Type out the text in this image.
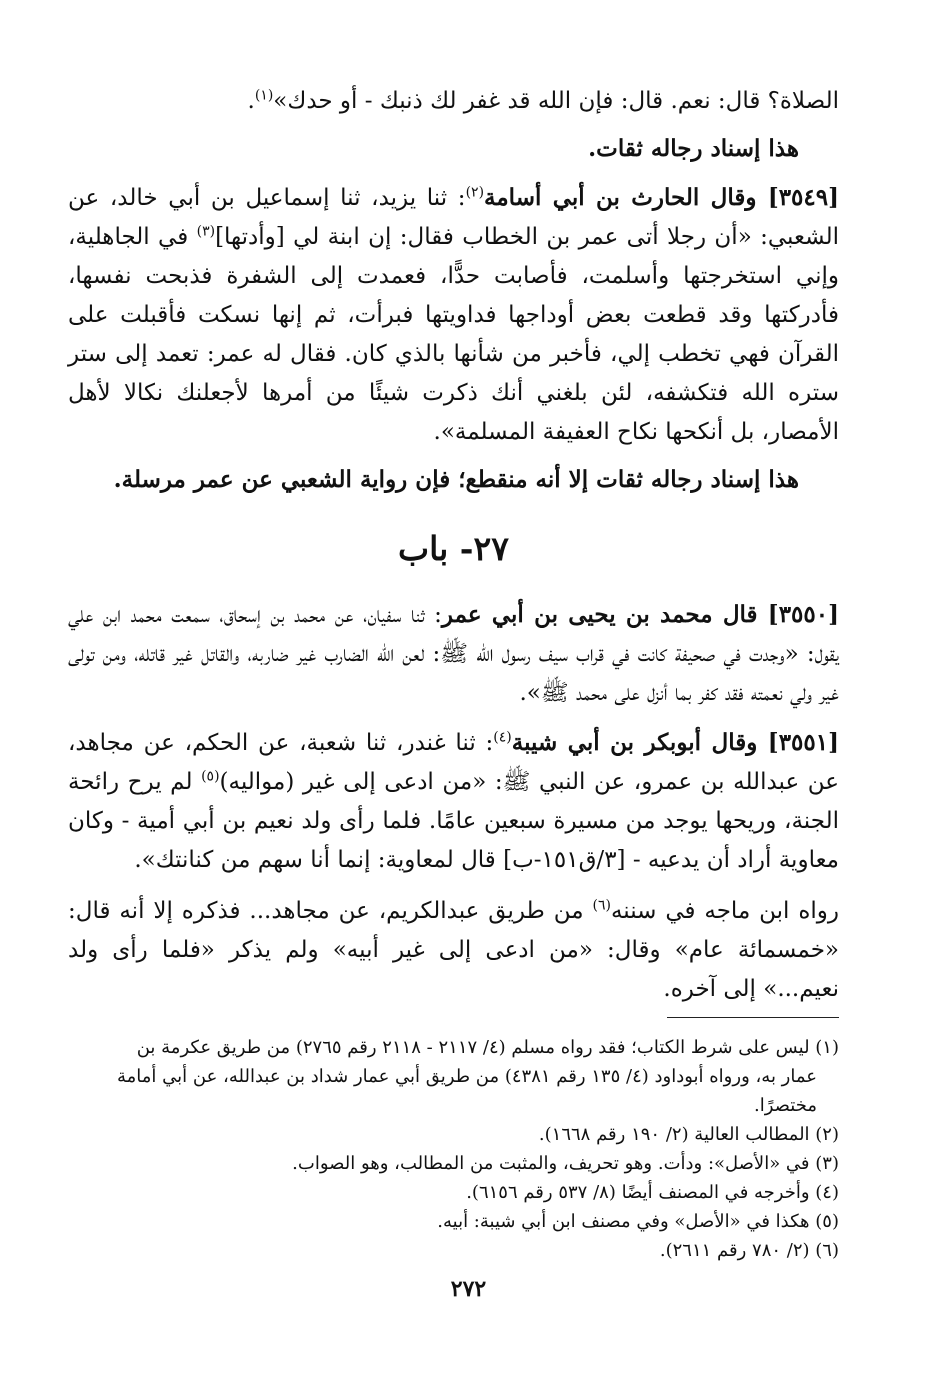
الصلاة؟ قال: نعم. قال: فإن الله قد غفر لك ذنبك - أو حدك»$^{(١)}$.

هذا إسناد رجاله ثقات.

[٣٥٤٩] وقال الحارث بن أبي أسامة$^{(٢)}$: ثنا يزيد، ثنا إسماعيل بن أبي خالد، عن الشعبي: «أن رجلا أتى عمر بن الخطاب فقال: إن ابنة لي [وأدتها]$^{(٣)}$ في الجاهلية، وإني استخرجتها وأسلمت، فأصابت حدًّا، فعمدت إلى الشفرة فذبحت نفسها، فأدركتها وقد قطعت بعض أوداجها فداويتها فبرأت، ثم إنها نسكت فأقبلت على القرآن فهي تخطب إلي، فأخبر من شأنها بالذي كان. فقال له عمر: تعمد إلى ستر ستره الله فتكشفه، لئن بلغني أنك ذكرت شيئًا من أمرها لأجعلنك نكالا لأهل الأمصار، بل أنكحها نكاح العفيفة المسلمة».

هذا إسناد رجاله ثقات إلا أنه منقطع؛ فإن رواية الشعبي عن عمر مرسلة.

٢٧- باب

[٣٥٥٠] قال محمد بن يحيى بن أبي عمر: ثنا سفيان، عن محمد بن إسحاق، سمعت محمد ابن علي يقول: «وجدت في صحيفة كانت في قراب سيف رسول الله ﷺ: لعن الله الضارب غير ضاربه، والقاتل غير قاتله، ومن تولى غير ولي نعمته فقد كفر بما أنزل على محمد ﷺ».

[٣٥٥١] وقال أبوبكر بن أبي شيبة$^{(٤)}$: ثنا غندر، ثنا شعبة، عن الحكم، عن مجاهد، عن عبدالله بن عمرو، عن النبي ﷺ: «من ادعى إلى غير (مواليه)$^{(٥)}$ لم يرح رائحة الجنة، وريحها يوجد من مسيرة سبعين عامًا. فلما رأى ولد نعيم بن أبي أمية - وكان معاوية أراد أن يدعيه - [٣/ق١٥١-ب] قال لمعاوية: إنما أنا سهم من كنانتك».

رواه ابن ماجه في سننه$^{(٦)}$ من طريق عبدالكريم، عن مجاهد... فذكره إلا أنه قال: «خمسمائة عام» وقال: «من ادعى إلى غير أبيه» ولم يذكر «فلما رأى ولد نعيم...» إلى آخره.

(١) ليس على شرط الكتاب؛ فقد رواه مسلم (٤/ ٢١١٧ - ٢١١٨ رقم ٢٧٦٥) من طريق عكرمة بن

عمار به، ورواه أبوداود (٤/ ١٣٥ رقم ٤٣٨١) من طريق أبي عمار شداد بن عبدالله، عن أبي أمامة

مختصرًا.

(٢) المطالب العالية (٢/ ١٩٠ رقم ١٦٦٨).

(٣) في «الأصل»: ودأت. وهو تحريف، والمثبت من المطالب، وهو الصواب.

(٤) وأخرجه في المصنف أيضًا (٨/ ٥٣٧ رقم ٦١٥٦).

(٥) هكذا في «الأصل» وفي مصنف ابن أبي شيبة: أبيه.

(٦) (٢/ ٧٨٠ رقم ٢٦١١).

٢٧٢
